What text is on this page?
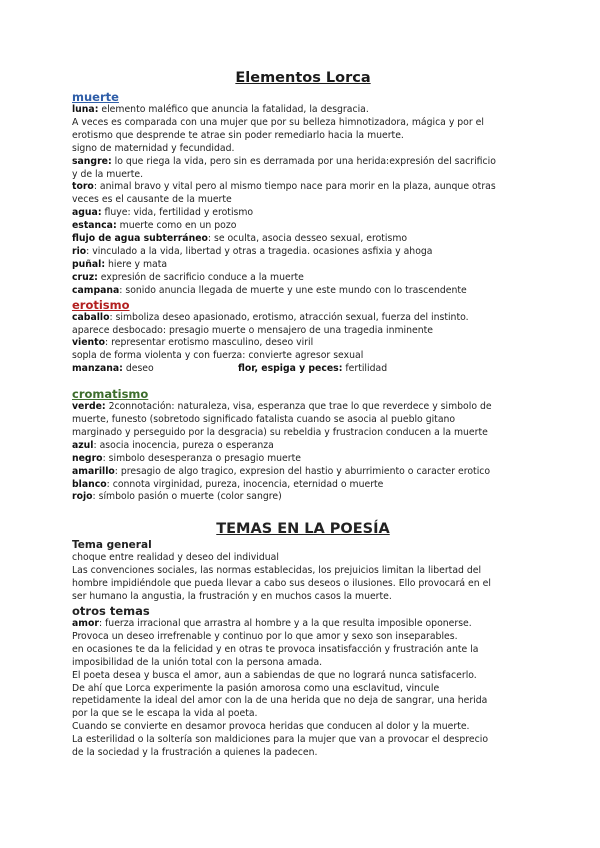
Elementos Lorca
muerte
luna: elemento maléfico que anuncia la fatalidad, la desgracia.
A veces es comparada con una mujer que por su belleza himnotizadora, mágica y por el
erotismo que desprende te atrae sin poder remediarlo hacia la muerte.
signo de maternidad y fecundidad.
sangre: lo que riega la vida, pero sin es derramada por una herida:expresión del sacrificio
y de la muerte.
toro: animal bravo y vital pero al mismo tiempo nace para morir en la plaza, aunque otras
veces es el causante de la muerte
agua: fluye: vida, fertilidad y erotismo
estanca: muerte como en un pozo
flujo de agua subterráneo: se oculta, asocia desseo sexual, erotismo
rio: vinculado a la vida, libertad y otras a tragedia. ocasiones asfixia y ahoga
puñal: hiere y mata
cruz: expresión de sacrificio conduce a la muerte
campana: sonido anuncia llegada de muerte y une este mundo con lo trascendente
erotismo
caballo: simboliza deseo apasionado, erotismo, atracción sexual, fuerza del instinto.
aparece desbocado: presagio muerte o mensajero de una tragedia inminente
viento: representar erotismo masculino, deseo viril
sopla de forma violenta y con fuerza: convierte agresor sexual
manzana: deseo	flor, espiga y peces: fertilidad
cromatismo
verde: 2connotación: naturaleza, visa, esperanza que trae lo que reverdece y simbolo de
muerte, funesto (sobretodo significado fatalista cuando se asocia al pueblo gitano
marginado y perseguido por la desgracia) su rebeldia y frustracion conducen a la muerte
azul: asocia inocencia, pureza o esperanza
negro: simbolo desesperanza o presagio muerte
amarillo: presagio de algo tragico, expresion del hastio y aburrimiento o caracter erotico
blanco: connota virginidad, pureza, inocencia, eternidad o muerte
rojo: símbolo pasión o muerte (color sangre)
TEMAS EN LA POESÍA
Tema general
choque entre realidad y deseo del individual
Las convenciones sociales, las normas establecidas, los prejuicios limitan la libertad del
hombre impidiéndole que pueda llevar a cabo sus deseos o ilusiones. Ello provocará en el
ser humano la angustia, la frustración y en muchos casos la muerte.
otros temas
amor: fuerza irracional que arrastra al hombre y a la que resulta imposible oponerse.
Provoca un deseo irrefrenable y continuo por lo que amor y sexo son inseparables.
en ocasiones te da la felicidad y en otras te provoca insatisfacción y frustración ante la
imposibilidad de la unión total con la persona amada.
El poeta desea y busca el amor, aun a sabiendas de que no logrará nunca satisfacerlo.
De ahí que Lorca experimente la pasión amorosa como una esclavitud, vincule
repetidamente la ideal del amor con la de una herida que no deja de sangrar, una herida
por la que se le escapa la vida al poeta.
Cuando se convierte en desamor provoca heridas que conducen al dolor y la muerte.
La esterilidad o la soltería son maldiciones para la mujer que van a provocar el desprecio
de la sociedad y la frustración a quienes la padecen.
